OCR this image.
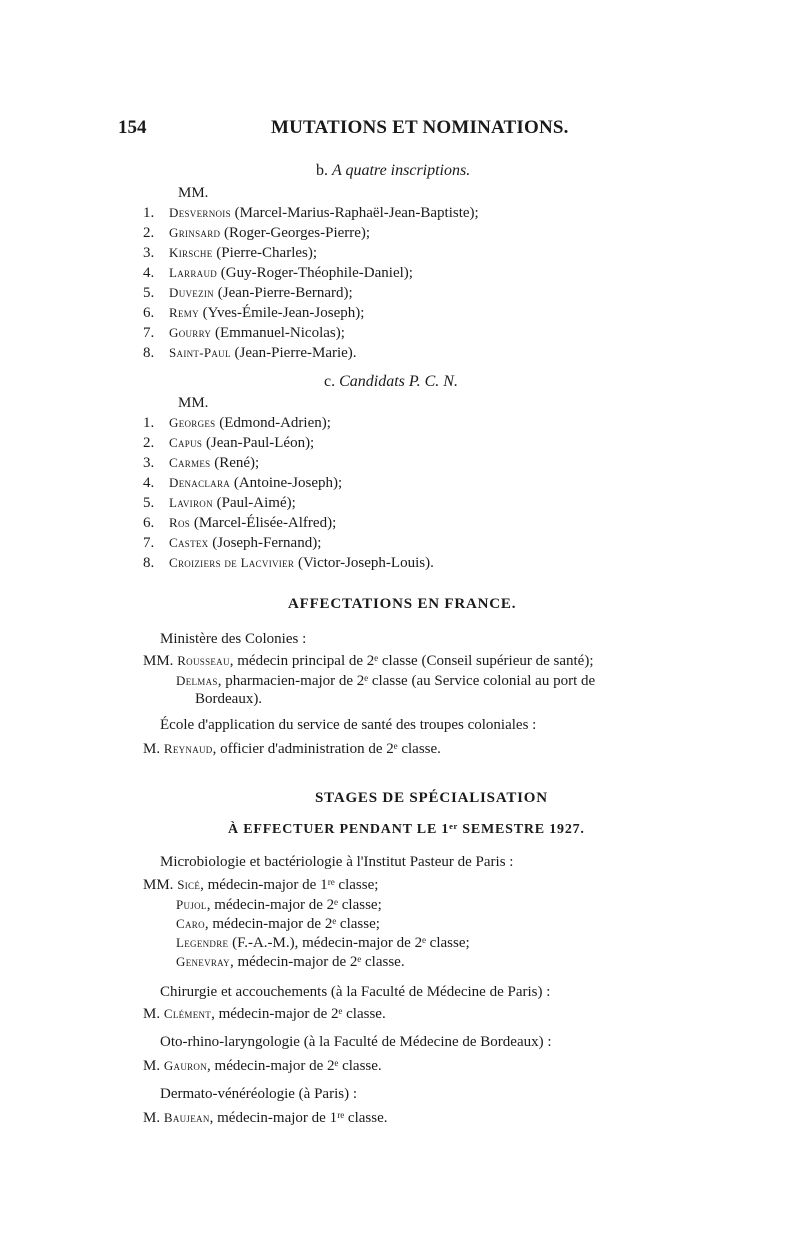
154	MUTATIONS ET NOMINATIONS.
b. A quatre inscriptions.
MM.
1. Desvernois (Marcel-Marius-Raphaël-Jean-Baptiste);
2. Grinsard (Roger-Georges-Pierre);
3. Kirsche (Pierre-Charles);
4. Larraud (Guy-Roger-Théophile-Daniel);
5. Duvezin (Jean-Pierre-Bernard);
6. Remy (Yves-Émile-Jean-Joseph);
7. Gourry (Emmanuel-Nicolas);
8. Saint-Paul (Jean-Pierre-Marie).
c. Candidats P. C. N.
MM.
1. Georges (Edmond-Adrien);
2. Capus (Jean-Paul-Léon);
3. Carmes (René);
4. Denaclara (Antoine-Joseph);
5. Laviron (Paul-Aimé);
6. Ros (Marcel-Élisée-Alfred);
7. Castex (Joseph-Fernand);
8. Croiziers de Lacvivier (Victor-Joseph-Louis).
AFFECTATIONS EN FRANCE.
Ministère des Colonies :
MM. Rousseau, médecin principal de 2ᵉ classe (Conseil supérieur de santé);
Delmas, pharmacien-major de 2ᵉ classe (au Service colonial au port de
Bordeaux).
École d'application du service de santé des troupes coloniales :
M. Reynaud, officier d'administration de 2ᵉ classe.
STAGES DE SPÉCIALISATION
À EFFECTUER PENDANT LE 1ᵉʳ SEMESTRE 1927.
Microbiologie et bactériologie à l'Institut Pasteur de Paris :
MM. Sicé, médecin-major de 1ʳᵉ classe;
Pujol, médecin-major de 2ᵉ classe;
Caro, médecin-major de 2ᵉ classe;
Legendre (F.-A.-M.), médecin-major de 2ᵉ classe;
Genevray, médecin-major de 2ᵉ classe.
Chirurgie et accouchements (à la Faculté de Médecine de Paris) :
M. Clément, médecin-major de 2ᵉ classe.
Oto-rhino-laryngologie (à la Faculté de Médecine de Bordeaux) :
M. Gauron, médecin-major de 2ᵉ classe.
Dermato-vénéréologie (à Paris) :
M. Baujean, médecin-major de 1ʳᵉ classe.
